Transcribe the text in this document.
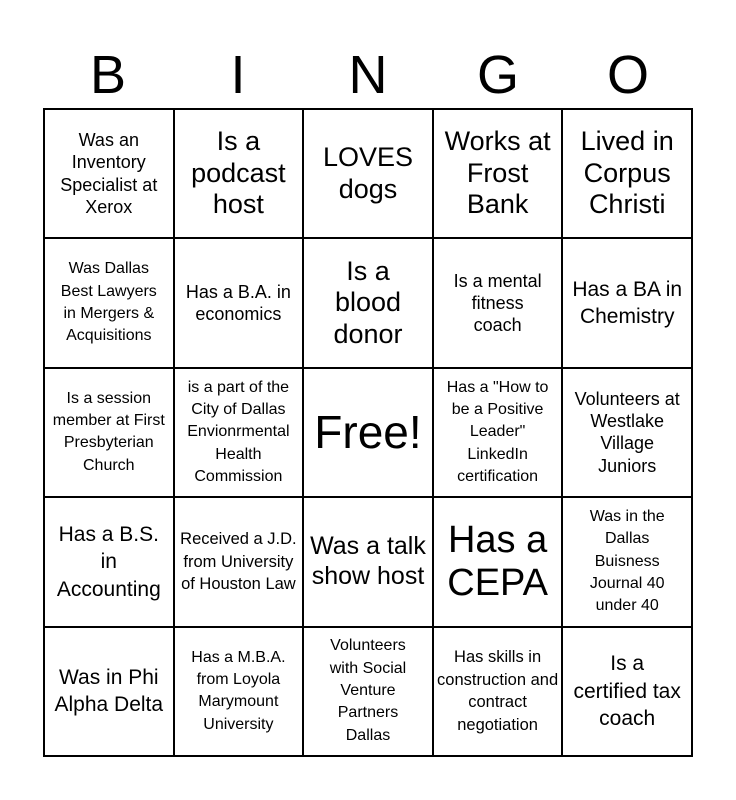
B	I	N	G	O
Was an Inventory Specialist at Xerox
Is a podcast host
LOVES dogs
Works at Frost Bank
Lived in Corpus Christi
Was Dallas Best Lawyers in Mergers & Acquisitions
Has a B.A. in economics
Is a blood donor
Is a mental fitness coach
Has a BA in Chemistry
Is a session member at First Presbyterian Church
is a part of the City of Dallas Envionrmental Health Commission
Free!
Has a "How to be a Positive Leader" LinkedIn certification
Volunteers at Westlake Village Juniors
Has a B.S. in Accounting
Received a J.D. from University of Houston Law
Was a talk show host
Has a CEPA
Was in the Dallas Buisness Journal 40 under 40
Was in Phi Alpha Delta
Has a M.B.A. from Loyola Marymount University
Volunteers with Social Venture Partners Dallas
Has skills in construction and contract negotiation
Is a certified tax coach
